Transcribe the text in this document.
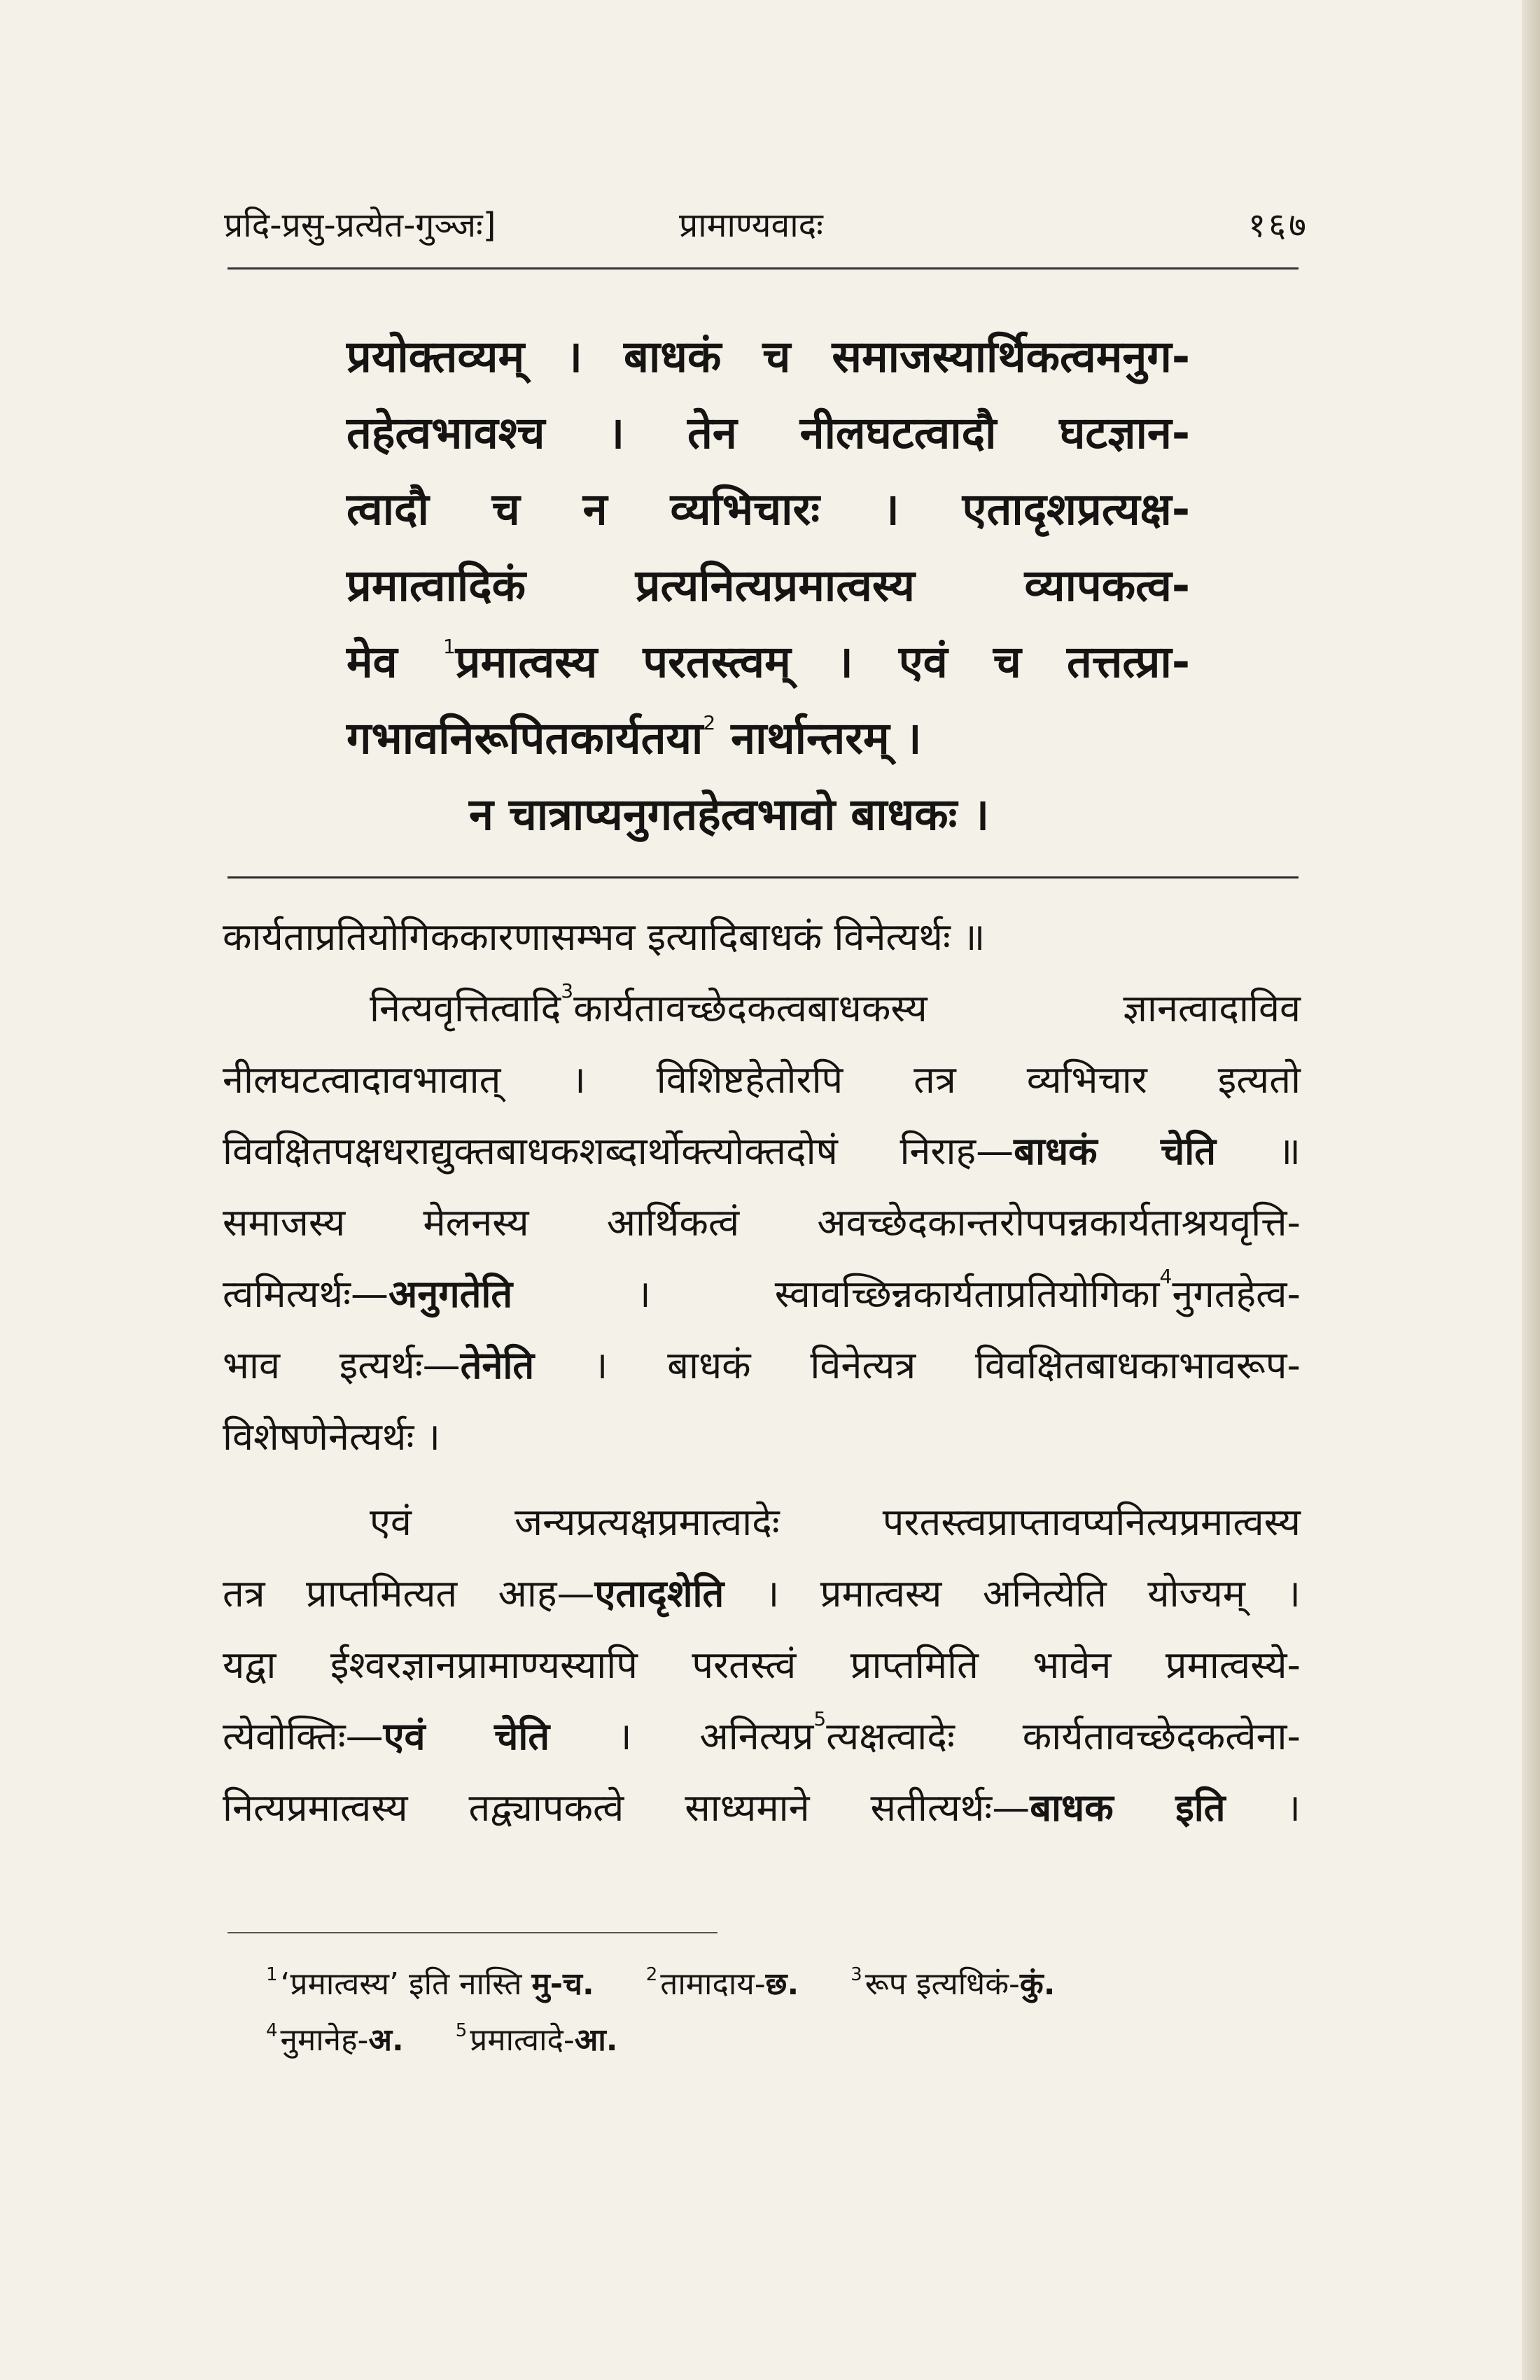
प्रदि-प्रसु-प्रत्येत-गुञ्जः]	प्रामाण्यवादः	१६७
प्रयोक्तव्यम् । बाधकं च समाजस्यार्थिकत्वमनुग-
तहेत्वभावश्च । तेन नीलघटत्वादौ घटज्ञान-
त्वादौ च न व्यभिचारः । एतादृशप्रत्यक्ष-
प्रमात्वादिकं प्रत्यनित्यप्रमात्वस्य व्यापकत्व-
मेव $^1$प्रमात्वस्य परतस्त्वम् । एवं च तत्तत्प्रा-
गभावनिरूपितकार्यतया$^2$ नार्थान्तरम् ।
न चात्राप्यनुगतहेत्वभावो बाधकः ।
कार्यताप्रतियोगिककारणासम्भव इत्यादिबाधकं विनेत्यर्थः ॥
नित्यवृत्तित्वादि$^3$कार्यतावच्छेदकत्वबाधकस्य ज्ञानत्वादाविव
नीलघटत्वादावभावात् । विशिष्टहेतोरपि तत्र व्यभिचार इत्यतो
विवक्षितपक्षधराद्युक्तबाधकशब्दार्थोक्त्योक्तदोषं निराह—बाधकं चेति ॥
समाजस्य मेलनस्य आर्थिकत्वं अवच्छेदकान्तरोपपन्नकार्यताश्रयवृत्ति-
त्वमित्यर्थः—अनुगतेति । स्वावच्छिन्नकार्यताप्रतियोगिका$^4$नुगतहेत्व-
भाव इत्यर्थः—तेनेति । बाधकं विनेत्यत्र विवक्षितबाधकाभावरूप-
विशेषणेनेत्यर्थः ।
एवं जन्यप्रत्यक्षप्रमात्वादेः परतस्त्वप्राप्तावप्यनित्यप्रमात्वस्य
तत्र प्राप्तमित्यत आह—एतादृशेति । प्रमात्वस्य अनित्येति योज्यम् ।
यद्वा ईश्वरज्ञानप्रामाण्यस्यापि परतस्त्वं प्राप्तमिति भावेन प्रमात्वस्ये-
त्येवोक्तिः—एवं चेति । अनित्यप्र$^5$त्यक्षत्वादेः कार्यतावच्छेदकत्वेना-
नित्यप्रमात्वस्य तद्व्यापकत्वे साध्यमाने सतीत्यर्थः—बाधक इति ।
$^1$‘प्रमात्वस्य’ इति नास्ति मु-च.	$^2$तामादाय-छ.	$^3$रूप इत्यधिकं-कुं.
$^4$नुमानेह-अ.	$^5$प्रमात्वादे-आ.
